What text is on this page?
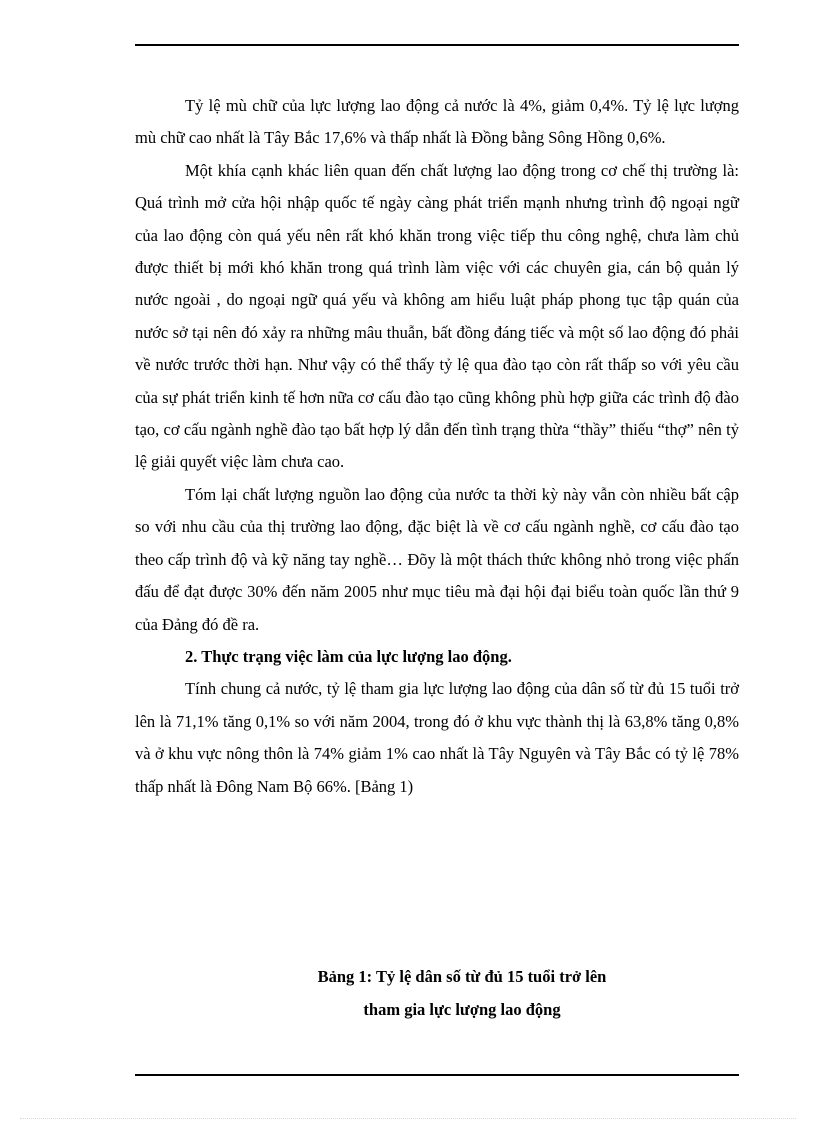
Tỷ lệ mù chữ của lực lượng lao động cả nước là 4%, giảm 0,4%. Tỷ lệ lực lượng mù chữ cao nhất là Tây Bắc 17,6% và thấp nhất là Đồng bằng Sông Hồng 0,6%.

Một khía cạnh khác liên quan đến chất lượng lao động trong cơ chế thị trường là: Quá trình mở cửa hội nhập quốc tế ngày càng phát triển mạnh nhưng trình độ ngoại ngữ của lao động còn quá yếu nên rất khó khăn trong việc tiếp thu công nghệ, chưa làm chủ được thiết bị mới khó khăn trong quá trình làm việc với các chuyên gia, cán bộ quản lý nước ngoài , do ngoại ngữ quá yếu và không am hiểu luật pháp phong tục tập quán của nước sở tại nên đó xảy ra những mâu thuẫn, bất đồng đáng tiếc và một số lao động đó phải về nước trước thời hạn. Như vậy có thể thấy tỷ lệ qua đào tạo còn rất thấp so với yêu cầu của sự phát triển kinh tế hơn nữa cơ cấu đào tạo cũng không phù hợp giữa các trình độ đào tạo, cơ cấu ngành nghề đào tạo bất hợp lý dẫn đến tình trạng thừa “thầy” thiếu “thợ” nên tỷ lệ giải quyết việc làm chưa cao.

Tóm lại chất lượng nguồn lao động của nước ta thời kỳ này vẫn còn nhiều bất cập so với nhu cầu của thị trường lao động, đặc biệt là về cơ cấu ngành nghề, cơ cấu đào tạo theo cấp trình độ và kỹ năng tay nghề… Đõy là một thách thức không nhỏ trong việc phấn đấu để đạt được 30% đến năm 2005 như mục tiêu mà đại hội đại biểu toàn quốc lần thứ 9 của Đảng đó đề ra.

2. Thực trạng việc làm của lực lượng lao động.

Tính chung cả nước, tỷ lệ tham gia lực lượng lao động của dân số từ đủ 15 tuổi trở lên là 71,1% tăng 0,1% so với năm 2004, trong đó ở khu vực thành thị là 63,8% tăng 0,8% và ở khu vực nông thôn là 74% giảm 1% cao nhất là Tây Nguyên và Tây Bắc có tỷ lệ 78% thấp nhất là Đông Nam Bộ 66%. [Bảng 1)

Bảng 1: Tỷ lệ dân số từ đủ 15 tuổi trở lên
tham gia lực lượng lao động
